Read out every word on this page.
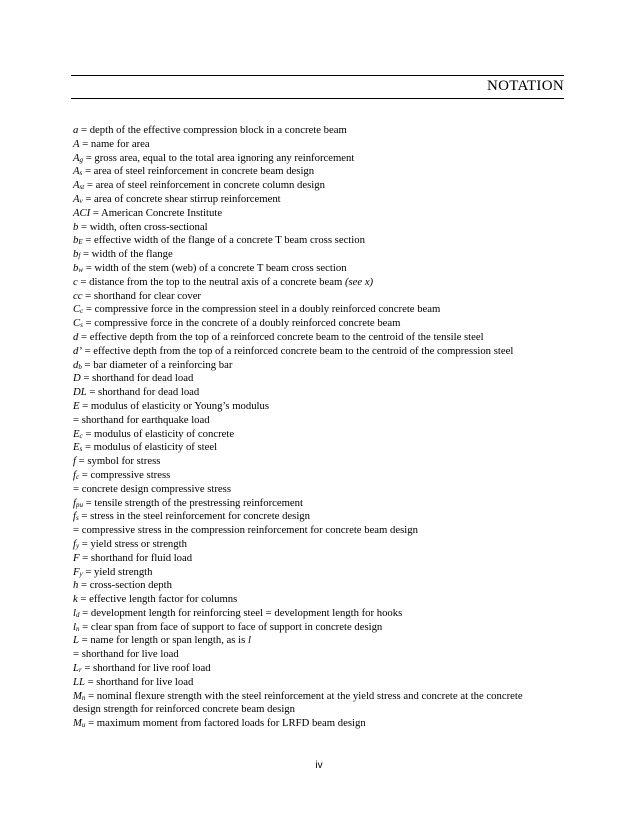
NOTATION
a = depth of the effective compression block in a concrete beam
A = name for area
$A_g$ = gross area, equal to the total area ignoring any reinforcement
$A_s$ = area of steel reinforcement in concrete beam design
$A_{st}$ = area of steel reinforcement in concrete column design
$A_v$ = area of concrete shear stirrup reinforcement
ACI = American Concrete Institute
b = width, often cross-sectional
$b_E$ = effective width of the flange of a concrete T beam cross section
$b_f$ = width of the flange
$b_w$ = width of the stem (web) of a concrete T beam cross section
c = distance from the top to the neutral axis of a concrete beam (see x)
cc = shorthand for clear cover
$C_c$ = compressive force in the compression steel in a doubly reinforced concrete beam
$C_s$ = compressive force in the concrete of a doubly reinforced concrete beam
d = effective depth from the top of a reinforced concrete beam to the centroid of the tensile steel
d’ = effective depth from the top of a reinforced concrete beam to the centroid of the compression steel
$d_b$ = bar diameter of a reinforcing bar
D = shorthand for dead load
DL = shorthand for dead load
E = modulus of elasticity or Young’s modulus
= shorthand for earthquake load
$E_c$ = modulus of elasticity of concrete
$E_s$ = modulus of elasticity of steel
f = symbol for stress
$f_c$ = compressive stress
= concrete design compressive stress
$f_{pu}$ = tensile strength of the prestressing reinforcement
$f_s$ = stress in the steel reinforcement for concrete design
= compressive stress in the compression reinforcement for concrete beam design
$f_y$ = yield stress or strength
F = shorthand for fluid load
$F_y$ = yield strength
h = cross-section depth
k = effective length factor for columns
$l_d$ = development length for reinforcing steel = development length for hooks
$l_n$ = clear span from face of support to face of support in concrete design
L = name for length or span length, as is l
= shorthand for live load
$L_r$ = shorthand for live roof load
LL = shorthand for live load
$M_n$ = nominal flexure strength with the steel reinforcement at the yield stress and concrete at the concrete design strength for reinforced concrete beam design
$M_u$ = maximum moment from factored loads for LRFD beam design
iv
